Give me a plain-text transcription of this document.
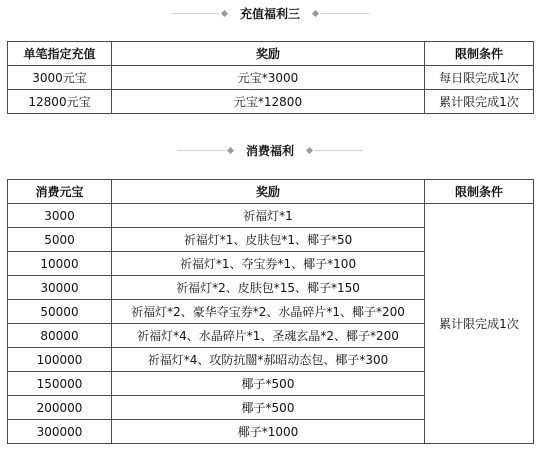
充值福利三
单笔指定充值	奖励	限制条件
3000元宝	元宝*3000	每日限完成1次
12800元宝	元宝*12800	累计限完成1次
消费福利
消费元宝	奖励	限制条件
3000	祈福灯*1	累计限完成1次
5000	祈福灯*1、皮肤包*1、椰子*50	
10000	祈福灯*1、夺宝券*1、椰子*100	
30000	祈福灯*2、皮肤包*15、椰子*150	
50000	祈福灯*2、豪华夺宝券*2、水晶碎片*1、椰子*200	
80000	祈福灯*4、水晶碎片*1、圣魂玄晶*2、椰子*200	
100000	祈福灯*4、攻防抗闓*郝昭动态包、椰子*300	
150000	椰子*500	
200000	椰子*500	
300000	椰子*1000	
